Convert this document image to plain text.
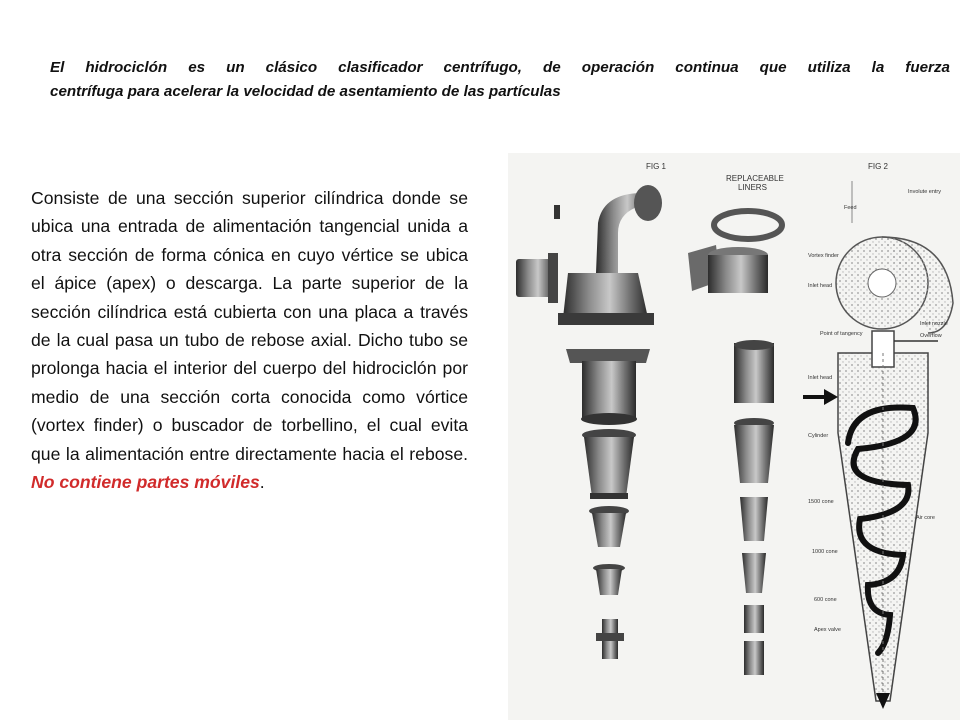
El hidrociclón es un clásico clasificador centrífugo, de operación continua que utiliza la fuerza
centrífuga para acelerar la velocidad de asentamiento de las partículas
Consiste de una sección superior cilíndrica donde se ubica una entrada de alimentación tangencial unida a otra sección de forma cónica en cuyo vértice se ubica el ápice (apex) o descarga. La parte superior de la sección cilíndrica está cubierta con una placa a través de la cual pasa un tubo de rebose axial. Dicho tubo se prolonga hacia el interior del cuerpo del hidrociclón por medio de una sección corta conocida como vórtice (vortex finder) o buscador de torbellino, el cual evita que la alimentación entre directamente hacia el rebose. No contiene partes móviles.
FIG 1
REPLACEABLE
LINERS
FIG 2
Involute entry
Feed
Vortex finder
Inlet head
Inlet nozzle
Point of tangency	Overflow
Inlet head
Cylinder
1500 cone
Air core
1000 cone
600 cone
Apex valve
